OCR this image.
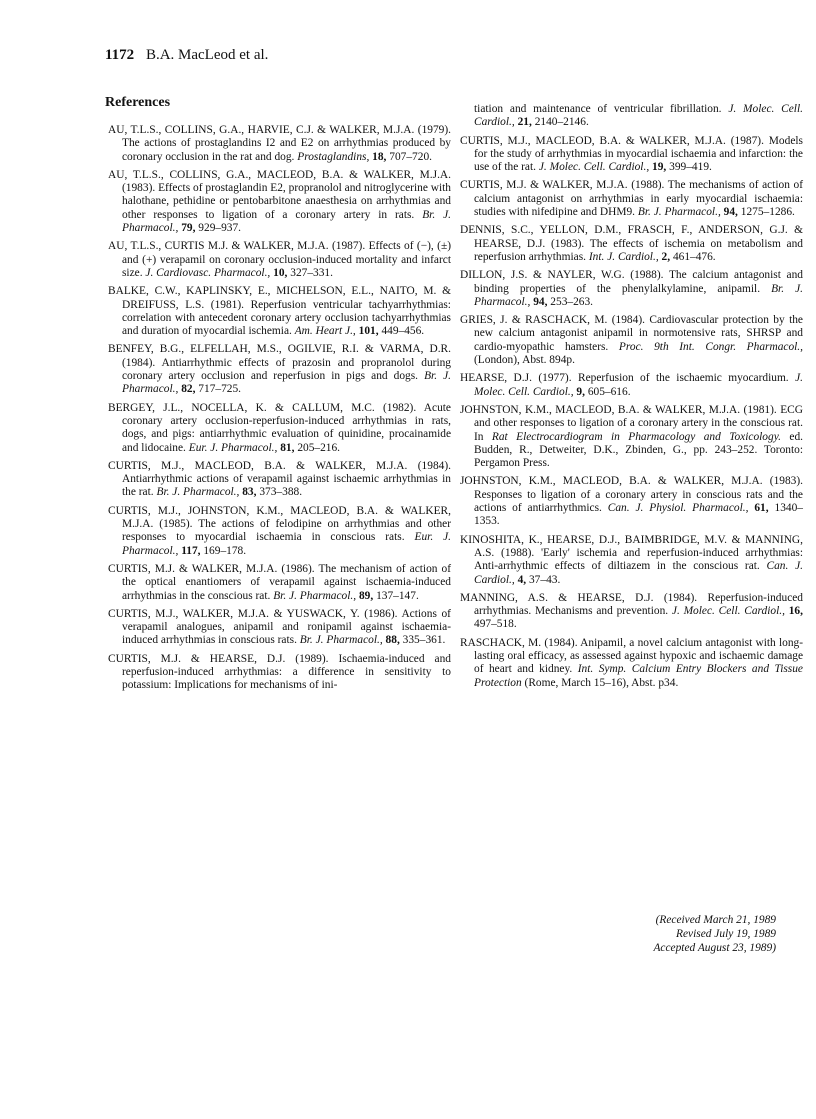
1172 B.A. MacLeod et al.
References

AU, T.L.S., COLLINS, G.A., HARVIE, C.J. & WALKER, M.J.A. (1979). The actions of prostaglandins I2 and E2 on arrhythmias produced by coronary occlusion in the rat and dog. Prostaglandins, 18, 707–720.

AU, T.L.S., COLLINS, G.A., MACLEOD, B.A. & WALKER, M.J.A. (1983). Effects of prostaglandin E2, propranolol and nitroglycerine with halothane, pethidine or pentobarbitone anaesthesia on arrhythmias and other responses to ligation of a coronary artery in rats. Br. J. Pharmacol., 79, 929–937.

AU, T.L.S., CURTIS M.J. & WALKER, M.J.A. (1987). Effects of (−), (±) and (+) verapamil on coronary occlusion-induced mortality and infarct size. J. Cardiovasc. Pharmacol., 10, 327–331.

BALKE, C.W., KAPLINSKY, E., MICHELSON, E.L., NAITO, M. & DREIFUSS, L.S. (1981). Reperfusion ventricular tachyarrhythmias: correlation with antecedent coronary artery occlusion tachyarrhythmias and duration of myocardial ischemia. Am. Heart J., 101, 449–456.

BENFEY, B.G., ELFELLAH, M.S., OGILVIE, R.I. & VARMA, D.R. (1984). Antiarrhythmic effects of prazosin and propranolol during coronary artery occlusion and reperfusion in pigs and dogs. Br. J. Pharmacol., 82, 717–725.

BERGEY, J.L., NOCELLA, K. & CALLUM, M.C. (1982). Acute coronary artery occlusion-reperfusion-induced arrhythmias in rats, dogs, and pigs: antiarrhythmic evaluation of quinidine, procainamide and lidocaine. Eur. J. Pharmacol., 81, 205–216.

CURTIS, M.J., MACLEOD, B.A. & WALKER, M.J.A. (1984). Antiarrhythmic actions of verapamil against ischaemic arrhythmias in the rat. Br. J. Pharmacol., 83, 373–388.

CURTIS, M.J., JOHNSTON, K.M., MACLEOD, B.A. & WALKER, M.J.A. (1985). The actions of felodipine on arrhythmias and other responses to myocardial ischaemia in conscious rats. Eur. J. Pharmacol., 117, 169–178.

CURTIS, M.J. & WALKER, M.J.A. (1986). The mechanism of action of the optical enantiomers of verapamil against ischaemia-induced arrhythmias in the conscious rat. Br. J. Pharmacol., 89, 137–147.

CURTIS, M.J., WALKER, M.J.A. & YUSWACK, Y. (1986). Actions of verapamil analogues, anipamil and ronipamil against ischaemia-induced arrhythmias in conscious rats. Br. J. Pharmacol., 88, 335–361.

CURTIS, M.J. & HEARSE, D.J. (1989). Ischaemia-induced and reperfusion-induced arrhythmias: a difference in sensitivity to potassium: Implications for mechanisms of ini-

tiation and maintenance of ventricular fibrillation. J. Molec. Cell. Cardiol., 21, 2140–2146.

CURTIS, M.J., MACLEOD, B.A. & WALKER, M.J.A. (1987). Models for the study of arrhythmias in myocardial ischaemia and infarction: the use of the rat. J. Molec. Cell. Cardiol., 19, 399–419.

CURTIS, M.J. & WALKER, M.J.A. (1988). The mechanisms of action of calcium antagonist on arrhythmias in early myocardial ischaemia: studies with nifedipine and DHM9. Br. J. Pharmacol., 94, 1275–1286.

DENNIS, S.C., YELLON, D.M., FRASCH, F., ANDERSON, G.J. & HEARSE, D.J. (1983). The effects of ischemia on metabolism and reperfusion arrhythmias. Int. J. Cardiol., 2, 461–476.

DILLON, J.S. & NAYLER, W.G. (1988). The calcium antagonist and binding properties of the phenylalkylamine, anipamil. Br. J. Pharmacol., 94, 253–263.

GRIES, J. & RASCHACK, M. (1984). Cardiovascular protection by the new calcium antagonist anipamil in normotensive rats, SHRSP and cardio-myopathic hamsters. Proc. 9th Int. Congr. Pharmacol., (London), Abst. 894p.

HEARSE, D.J. (1977). Reperfusion of the ischaemic myocardium. J. Molec. Cell. Cardiol., 9, 605–616.

JOHNSTON, K.M., MACLEOD, B.A. & WALKER, M.J.A. (1981). ECG and other responses to ligation of a coronary artery in the conscious rat. In Rat Electrocardiogram in Pharmacology and Toxicology. ed. Budden, R., Detweiter, D.K., Zbinden, G., pp. 243–252. Toronto: Pergamon Press.

JOHNSTON, K.M., MACLEOD, B.A. & WALKER, M.J.A. (1983). Responses to ligation of a coronary artery in conscious rats and the actions of antiarrhythmics. Can. J. Physiol. Pharmacol., 61, 1340–1353.

KINOSHITA, K., HEARSE, D.J., BAIMBRIDGE, M.V. & MANNING, A.S. (1988). 'Early' ischemia and reperfusion-induced arrhythmias: Anti-arrhythmic effects of diltiazem in the conscious rat. Can. J. Cardiol., 4, 37–43.

MANNING, A.S. & HEARSE, D.J. (1984). Reperfusion-induced arrhythmias. Mechanisms and prevention. J. Molec. Cell. Cardiol., 16, 497–518.

RASCHACK, M. (1984). Anipamil, a novel calcium antagonist with long-lasting oral efficacy, as assessed against hypoxic and ischaemic damage of heart and kidney. Int. Symp. Calcium Entry Blockers and Tissue Protection (Rome, March 15–16), Abst. p34.

(Received March 21, 1989
Revised July 19, 1989
Accepted August 23, 1989)
